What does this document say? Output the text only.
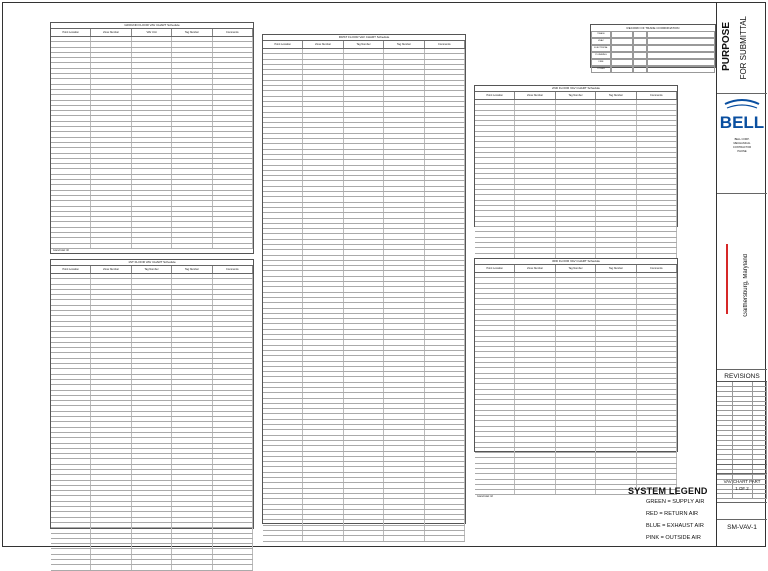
GROUND FLOOR VAV CHART Schedule
Point Location	Zone Number	VAV Unit	Tag Number	Comments
Grand total: 40
1ST FLOOR VAV CHART Schedule
Point Location	Zone Number	Tag Number	Tag Number	Comments
FIRST FLOOR VAV CHART Schedule
Point Location	Zone Number	Tag Number	Tag Number	Comments
2ND FLOOR VAV CHART Schedule
Point Location	Zone Number	Tag Number	Tag Number	Comments
3RD FLOOR VAV CHART Schedule
Point Location	Zone Number	Tag Number	Tag Number	Comments
Grand total: 42
RECORD OF TRADE COORDINATION
TRADE
HVAC
ELECTRICAL
PLUMBING
FIRE
OTHER
SYSTEM LEGEND
GREEN = SUPPLY AIR
RED = RETURN AIR
BLUE = EXHAUST AIR
PINK = OUTSIDE AIR
PURPOSE FOR SUBMITTAL
BELL
BELL CORP.
MECHANICAL
CONTRACTOR
PHONE
Gaithersburg, Maryland
REVISIONS
VAV CHART PART
1 OF 2
SM-VAV-1
